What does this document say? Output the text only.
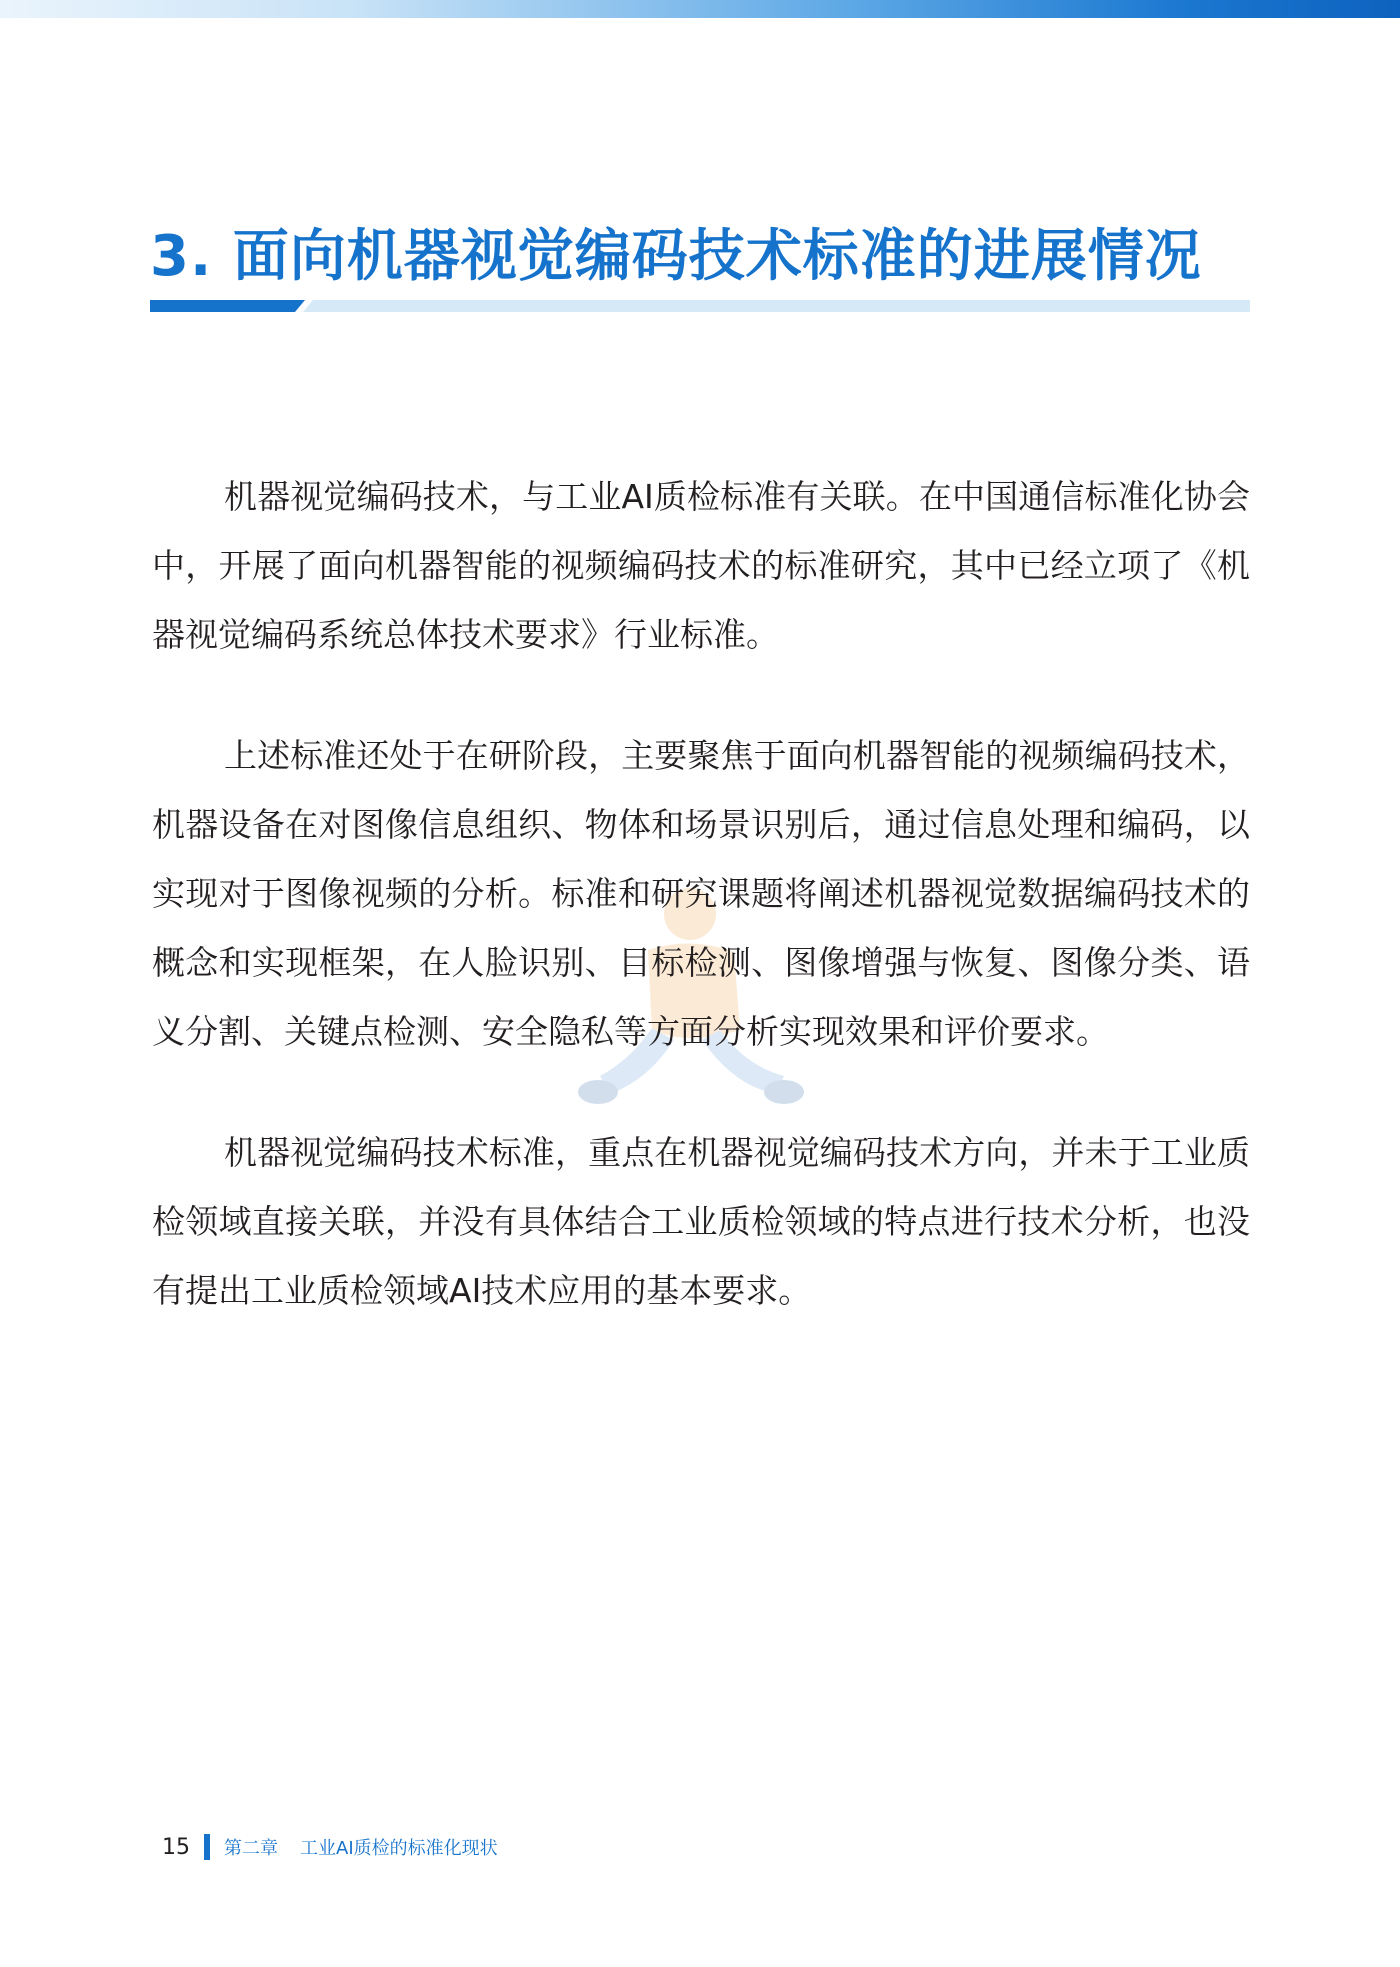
3. 面向机器视觉编码技术标准的进展情况

机器视觉编码技术，与工业AI质检标准有关联。在中国通信标准化协会中，开展了面向机器智能的视频编码技术的标准研究，其中已经立项了《机器视觉编码系统总体技术要求》行业标准。

上述标准还处于在研阶段，主要聚焦于面向机器智能的视频编码技术，机器设备在对图像信息组织、物体和场景识别后，通过信息处理和编码，以实现对于图像视频的分析。标准和研究课题将阐述机器视觉数据编码技术的概念和实现框架，在人脸识别、目标检测、图像增强与恢复、图像分类、语义分割、关键点检测、安全隐私等方面分析实现效果和评价要求。

机器视觉编码技术标准，重点在机器视觉编码技术方向，并未于工业质检领域直接关联，并没有具体结合工业质检领域的特点进行技术分析，也没有提出工业质检领域AI技术应用的基本要求。

15 第二章 工业AI质检的标准化现状
